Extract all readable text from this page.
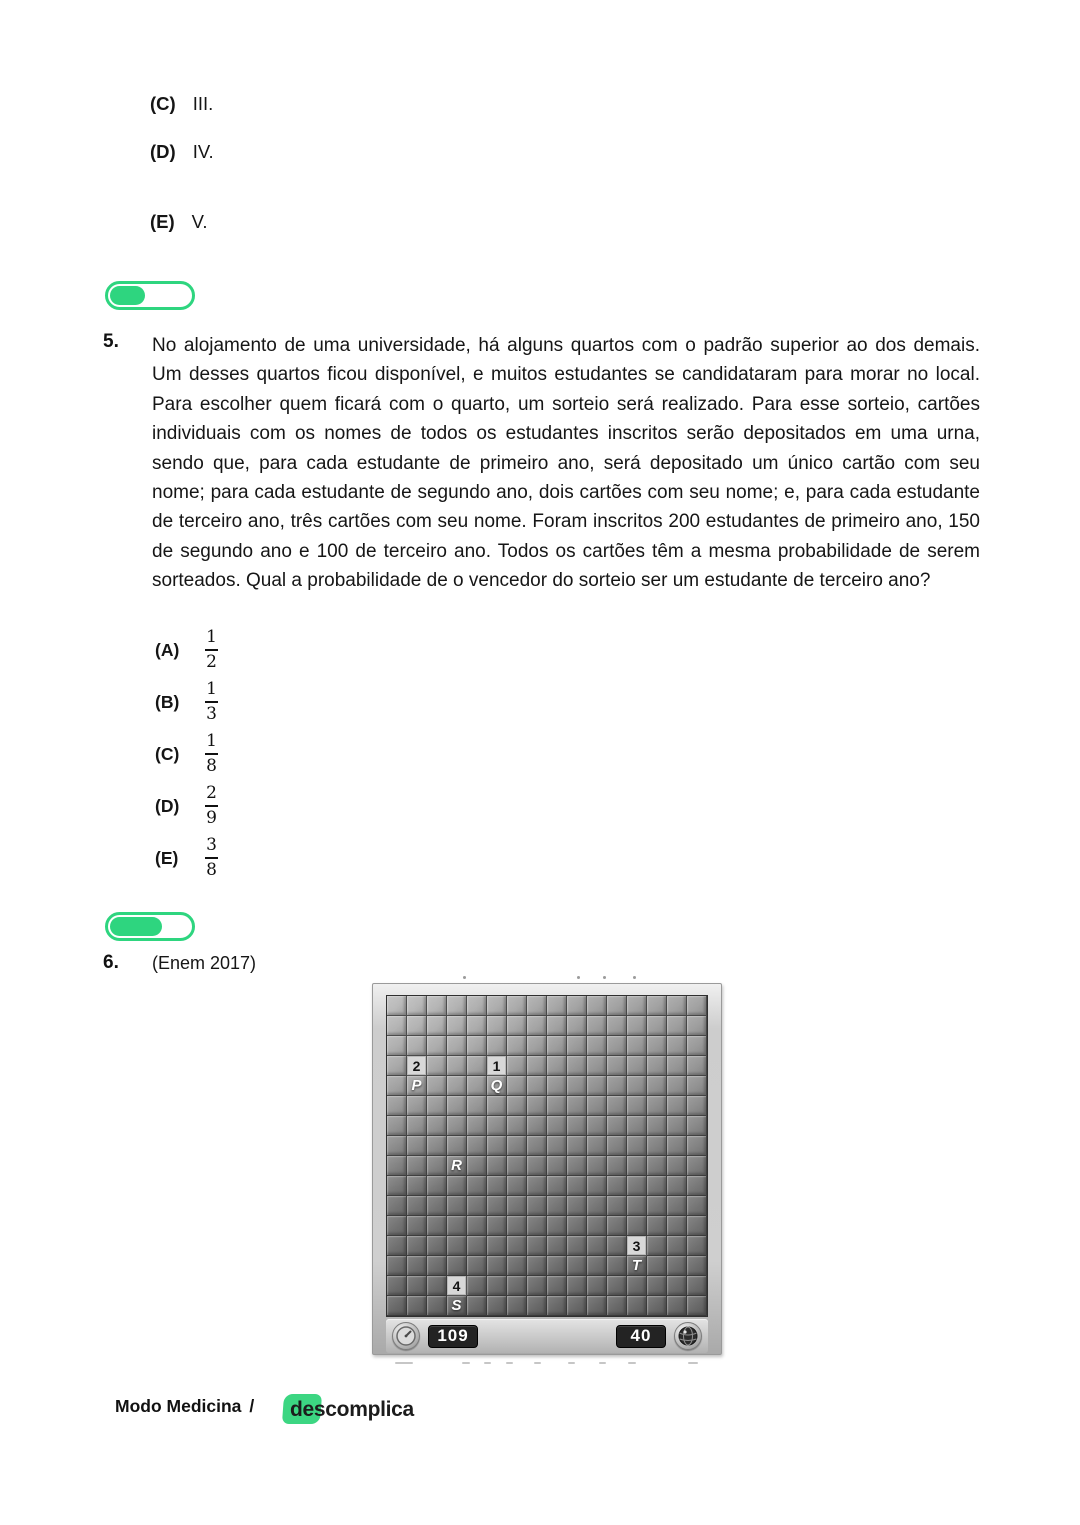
(C) III.
(D) IV.
(E) V.
5. No alojamento de uma universidade, há alguns quartos com o padrão superior ao dos demais. Um desses quartos ficou disponível, e muitos estudantes se candidataram para morar no local. Para escolher quem ficará com o quarto, um sorteio será realizado. Para esse sorteio, cartões individuais com os nomes de todos os estudantes inscritos serão depositados em uma urna, sendo que, para cada estudante de primeiro ano, será depositado um único cartão com seu nome; para cada estudante de segundo ano, dois cartões com seu nome; e, para cada estudante de terceiro ano, três cartões com seu nome. Foram inscritos 200 estudantes de primeiro ano, 150 de segundo ano e 100 de terceiro ano. Todos os cartões têm a mesma probabilidade de serem sorteados. Qual a probabilidade de o vencedor do sorteio ser um estudante de terceiro ano?
(A)	$\frac{1}{2}$
(B)	$\frac{1}{3}$
(C)	$\frac{1}{8}$
(D)	$\frac{2}{9}$
(E)	$\frac{3}{8}$
6. (Enem 2017)
2	1
P	Q
R
3
T
4
S
109	40
Modo Medicina / descomplica
